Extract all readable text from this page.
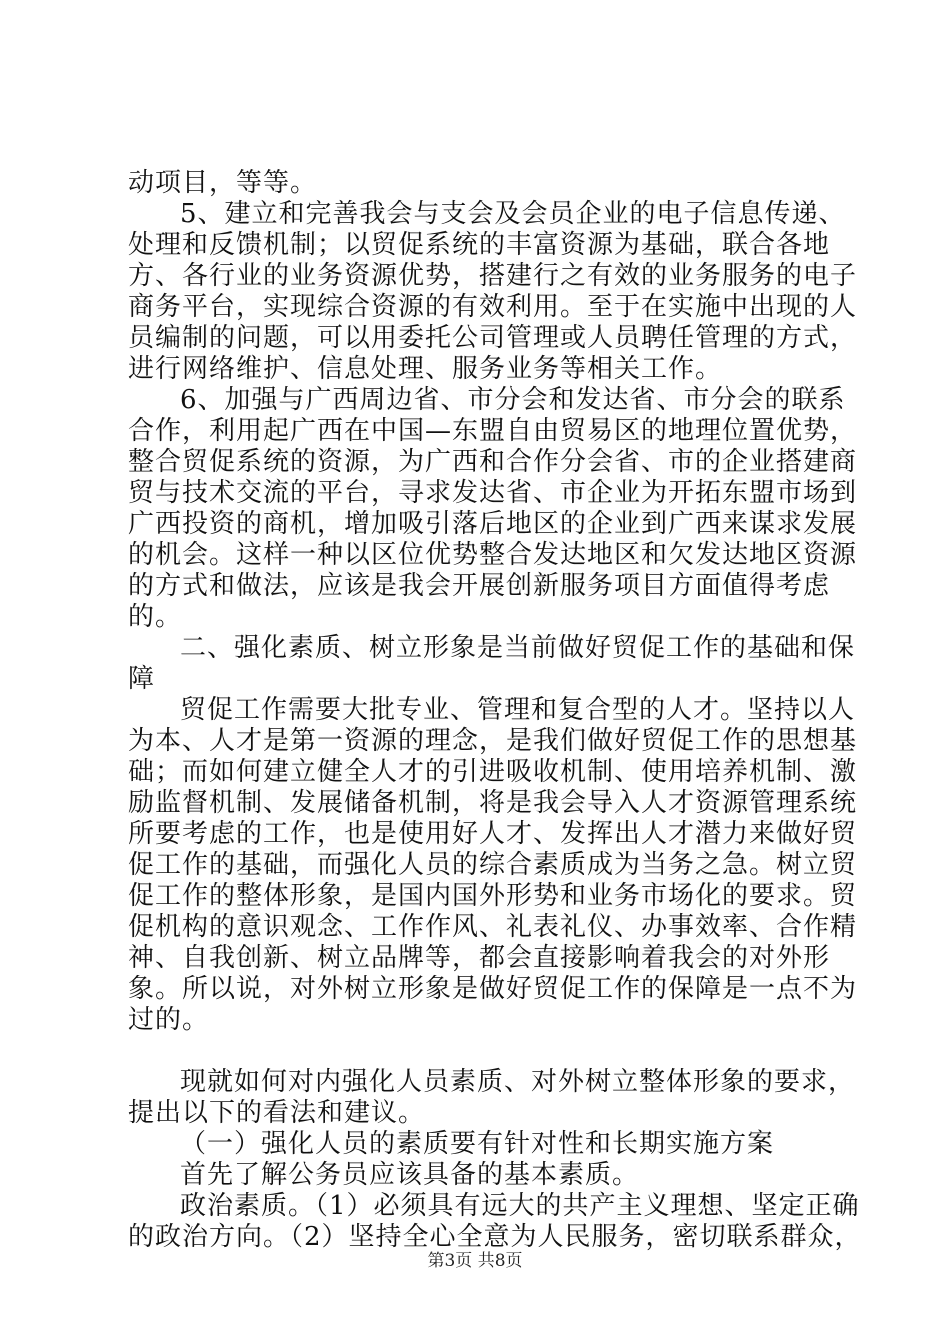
动项目，等等。

5、建立和完善我会与支会及会员企业的电子信息传递、处理和反馈机制；以贸促系统的丰富资源为基础，联合各地方、各行业的业务资源优势，搭建行之有效的业务服务的电子商务平台，实现综合资源的有效利用。至于在实施中出现的人员编制的问题，可以用委托公司管理或人员聘任管理的方式，进行网络维护、信息处理、服务业务等相关工作。

6、加强与广西周边省、市分会和发达省、市分会的联系合作，利用起广西在中国—东盟自由贸易区的地理位置优势，整合贸促系统的资源，为广西和合作分会省、市的企业搭建商贸与技术交流的平台，寻求发达省、市企业为开拓东盟市场到广西投资的商机，增加吸引落后地区的企业到广西来谋求发展的机会。这样一种以区位优势整合发达地区和欠发达地区资源的方式和做法，应该是我会开展创新服务项目方面值得考虑的。

二、强化素质、树立形象是当前做好贸促工作的基础和保障

贸促工作需要大批专业、管理和复合型的人才。坚持以人为本、人才是第一资源的理念，是我们做好贸促工作的思想基础；而如何建立健全人才的引进吸收机制、使用培养机制、激励监督机制、发展储备机制，将是我会导入人才资源管理系统所要考虑的工作，也是使用好人才、发挥出人才潜力来做好贸促工作的基础，而强化人员的综合素质成为当务之急。树立贸促工作的整体形象，是国内国外形势和业务市场化的要求。贸促机构的意识观念、工作作风、礼表礼仪、办事效率、合作精神、自我创新、树立品牌等，都会直接影响着我会的对外形象。所以说，对外树立形象是做好贸促工作的保障是一点不为过的。

现就如何对内强化人员素质、对外树立整体形象的要求，提出以下的看法和建议。

（一）强化人员的素质要有针对性和长期实施方案

首先了解公务员应该具备的基本素质。

政治素质。（1）必须具有远大的共产主义理想、坚定正确的政治方向。（2）坚持全心全意为人民服务，密切联系群众，

第3页 共8页
